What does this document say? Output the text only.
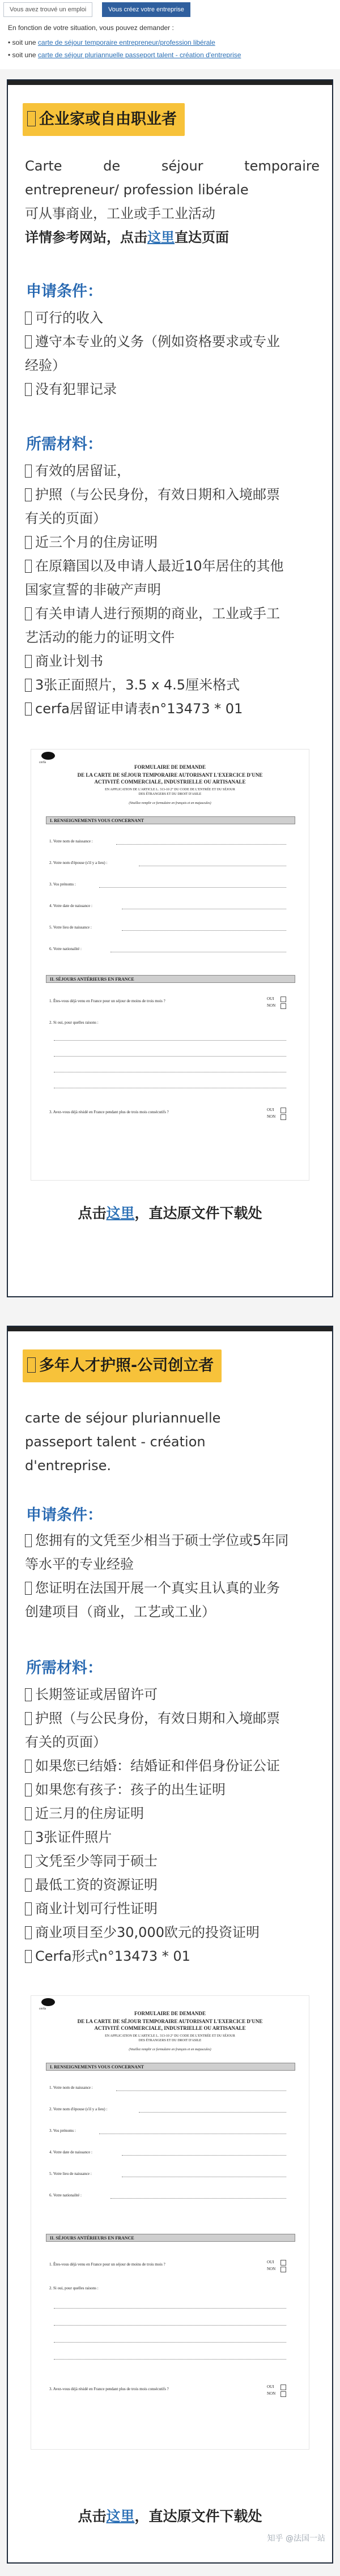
Vous avez trouvé un emploi	Vous créez votre entreprise
En fonction de votre situation, vous pouvez demander :
• soit une carte de séjour temporaire entrepreneur/profession libérale
• soit une carte de séjour pluriannuelle passeport talent - création d'entreprise
企业家或自由职业者
Carte de séjour temporaire
entrepreneur/ profession libérale
可从事商业，工业或手工业活动
详情参考网站，点击这里直达页面
申请条件：
可行的收入
遵守本专业的义务（例如资格要求或专业
经验）
没有犯罪记录
所需材料：
有效的居留证，
护照（与公民身份，有效日期和入境邮票
有关的页面）
近三个月的住房证明
在原籍国以及申请人最近10年居住的其他
国家宣誓的非破产声明
有关申请人进行预期的商业，工业或手工
艺活动的能力的证明文件
商业计划书
3张正面照片，3.5 x 4.5厘米格式
cerfa居留证申请表n°13473 * 01
cerfa
FORMULAIRE DE DEMANDE
DE LA CARTE DE SÉJOUR TEMPORAIRE AUTORISANT L'EXERCICE D'UNE
ACTIVITÉ COMMERCIALE, INDUSTRIELLE OU ARTISANALE
EN APPLICATION DE L'ARTICLE L. 313-10 2° DU CODE DE L'ENTRÉE ET DU SÉJOUR
DES ÉTRANGERS ET DU DROIT D'ASILE
(Veuillez remplir ce formulaire en français et en majuscules)
I. RENSEIGNEMENTS VOUS CONCERNANT
1. Votre nom de naissance :
2. Votre nom d'épouse (s'il y a lieu) :
3. Vos prénoms :
4. Votre date de naissance :
5. Votre lieu de naissance :
6. Votre nationalité :
II. SÉJOURS ANTÉRIEURS EN FRANCE
1. Êtes-vous déjà venu en France pour un séjour de moins de trois mois ?	OUI
NON
2. Si oui, pour quelles raisons :
3. Avez-vous déjà résidé en France pendant plus de trois mois consécutifs ?	OUI
NON
点击这里，直达原文件下载处
多年人才护照-公司创立者
carte de séjour pluriannuelle
passeport talent - création
d'entreprise.
申请条件：
您拥有的文凭至少相当于硕士学位或5年同
等水平的专业经验
您证明在法国开展一个真实且认真的业务
创建项目（商业，工艺或工业）
所需材料：
长期签证或居留许可
护照（与公民身份，有效日期和入境邮票
有关的页面）
如果您已结婚：结婚证和伴侣身份证公证
如果您有孩子：孩子的出生证明
近三月的住房证明
3张证件照片
文凭至少等同于硕士
最低工资的资源证明
商业计划可行性证明
商业项目至少30,000欧元的投资证明
Cerfa形式n°13473 * 01
cerfa
FORMULAIRE DE DEMANDE
DE LA CARTE DE SÉJOUR TEMPORAIRE AUTORISANT L'EXERCICE D'UNE
ACTIVITÉ COMMERCIALE, INDUSTRIELLE OU ARTISANALE
EN APPLICATION DE L'ARTICLE L. 313-10 2° DU CODE DE L'ENTRÉE ET DU SÉJOUR
DES ÉTRANGERS ET DU DROIT D'ASILE
(Veuillez remplir ce formulaire en français et en majuscules)
I. RENSEIGNEMENTS VOUS CONCERNANT
1. Votre nom de naissance :
2. Votre nom d'épouse (s'il y a lieu) :
3. Vos prénoms :
4. Votre date de naissance :
5. Votre lieu de naissance :
6. Votre nationalité :
II. SÉJOURS ANTÉRIEURS EN FRANCE
1. Êtes-vous déjà venu en France pour un séjour de moins de trois mois ?	OUI
NON
2. Si oui, pour quelles raisons :
3. Avez-vous déjà résidé en France pendant plus de trois mois consécutifs ?	OUI
NON
点击这里，直达原文件下载处
知乎 @法国一站
